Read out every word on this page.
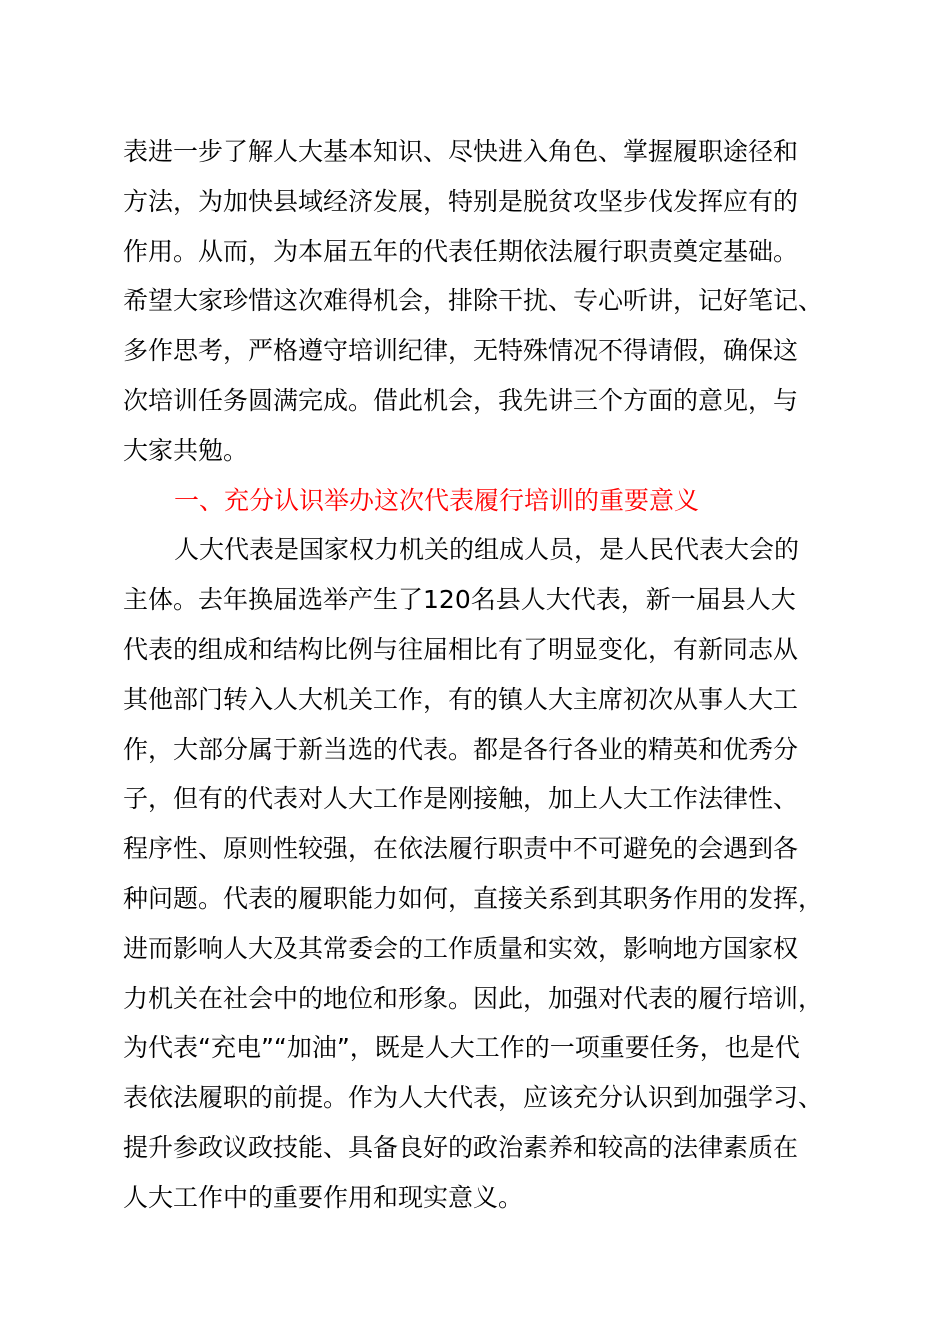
表进一步了解人大基本知识、尽快进入角色、掌握履职途径和
方法，为加快县域经济发展，特别是脱贫攻坚步伐发挥应有的
作用。从而，为本届五年的代表任期依法履行职责奠定基础。
希望大家珍惜这次难得机会，排除干扰、专心听讲，记好笔记、
多作思考，严格遵守培训纪律，无特殊情况不得请假，确保这
次培训任务圆满完成。借此机会，我先讲三个方面的意见，与
大家共勉。
一、充分认识举办这次代表履行培训的重要意义
人大代表是国家权力机关的组成人员，是人民代表大会的
主体。去年换届选举产生了120名县人大代表，新一届县人大
代表的组成和结构比例与往届相比有了明显变化，有新同志从
其他部门转入人大机关工作，有的镇人大主席初次从事人大工
作，大部分属于新当选的代表。都是各行各业的精英和优秀分
子，但有的代表对人大工作是刚接触，加上人大工作法律性、
程序性、原则性较强，在依法履行职责中不可避免的会遇到各
种问题。代表的履职能力如何，直接关系到其职务作用的发挥，
进而影响人大及其常委会的工作质量和实效，影响地方国家权
力机关在社会中的地位和形象。因此，加强对代表的履行培训，
为代表“充电”“加油”，既是人大工作的一项重要任务，也是代
表依法履职的前提。作为人大代表，应该充分认识到加强学习、
提升参政议政技能、具备良好的政治素养和较高的法律素质在
人大工作中的重要作用和现实意义。
